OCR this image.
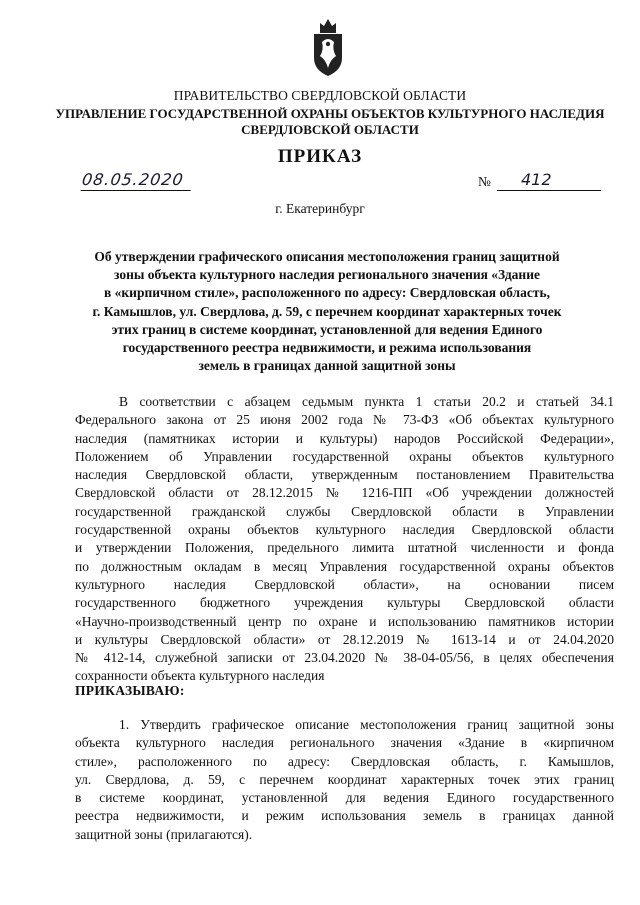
ПРАВИТЕЛЬСТВО СВЕРДЛОВСКОЙ ОБЛАСТИ
УПРАВЛЕНИЕ ГОСУДАРСТВЕННОЙ ОХРАНЫ ОБЪЕКТОВ КУЛЬТУРНОГО НАСЛЕДИЯ
СВЕРДЛОВСКОЙ ОБЛАСТИ
ПРИКАЗ
08.05.2020	№	412
г. Екатеринбург
Об утверждении графического описания местоположения границ защитной
зоны объекта культурного наследия регионального значения «Здание
в «кирпичном стиле», расположенного по адресу: Свердловская область,
г. Камышлов, ул. Свердлова, д. 59, с перечнем координат характерных точек
этих границ в системе координат, установленной для ведения Единого
государственного реестра недвижимости, и режима использования
земель в границах данной защитной зоны
В соответствии с абзацем седьмым пункта 1 статьи 20.2 и статьей 34.1
Федерального закона от 25 июня 2002 года № 73-ФЗ «Об объектах культурного
наследия (памятниках истории и культуры) народов Российской Федерации»,
Положением об Управлении государственной охраны объектов культурного
наследия Свердловской области, утвержденным постановлением Правительства
Свердловской области от 28.12.2015 № 1216-ПП «Об учреждении должностей
государственной гражданской службы Свердловской области в Управлении
государственной охраны объектов культурного наследия Свердловской области
и утверждении Положения, предельного лимита штатной численности и фонда
по должностным окладам в месяц Управления государственной охраны объектов
культурного наследия Свердловской области», на основании писем
государственного бюджетного учреждения культуры Свердловской области
«Научно-производственный центр по охране и использованию памятников истории
и культуры Свердловской области» от 28.12.2019 № 1613-14 и от 24.04.2020
№ 412-14, служебной записки от 23.04.2020 № 38-04-05/56, в целях обеспечения
сохранности объекта культурного наследия
ПРИКАЗЫВАЮ:
1. Утвердить графическое описание местоположения границ защитной зоны
объекта культурного наследия регионального значения «Здание в «кирпичном
стиле», расположенного по адресу: Свердловская область, г. Камышлов,
ул. Свердлова, д. 59, с перечнем координат характерных точек этих границ
в системе координат, установленной для ведения Единого государственного
реестра недвижимости, и режим использования земель в границах данной
защитной зоны (прилагаются).
